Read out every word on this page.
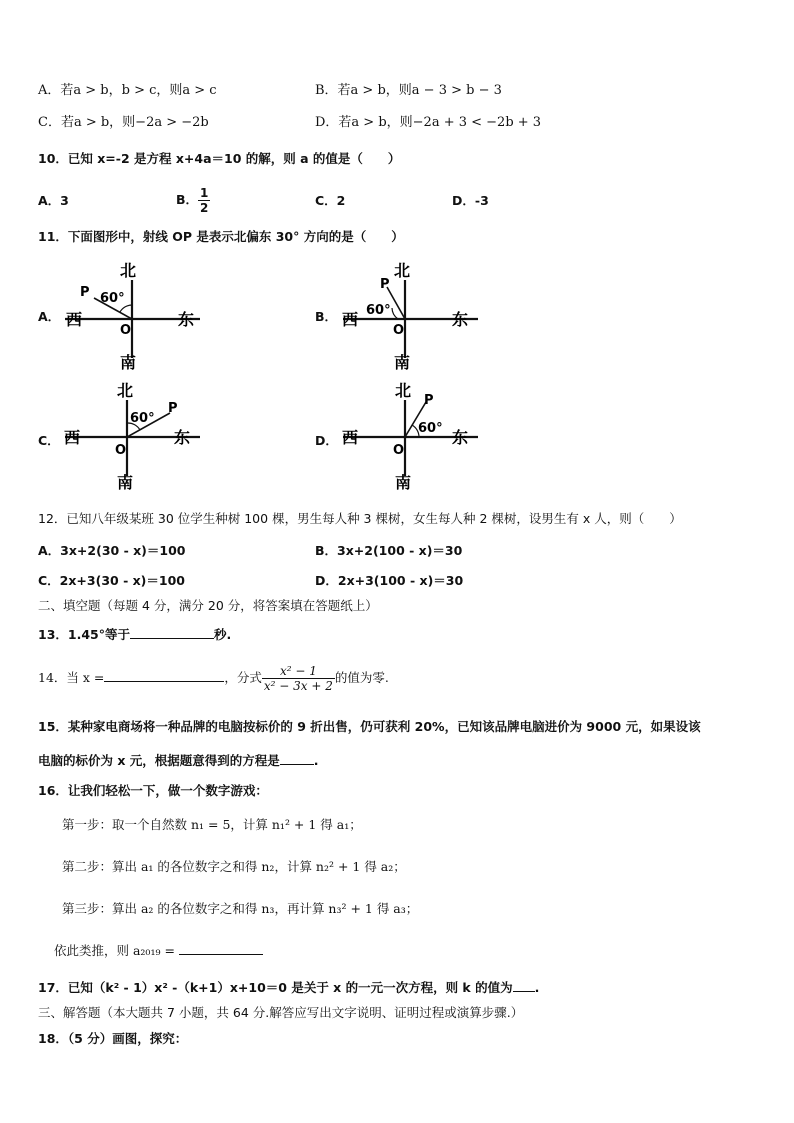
A．若a > b，b > c，则a > c	B．若a > b，则a − 3 > b − 3
C．若a > b，则−2a > −2b	D．若a > b，则−2a + 3 < −2b + 3
10．已知 x=-2 是方程 x+4a＝10 的解，则 a 的值是（　　）
A．3	B． $\frac{1}{2}$	C．2	D．-3
11．下面图形中，射线 OP 是表示北偏东 30° 方向的是（　　）
A．
北
南
东
西
O
P 60°
B．
北
南
东
西
O
P
60°
C．
北
南
东
西
O
P
60°
D．
北
南
东
西
O
P
60°
12．已知八年级某班 30 位学生种树 100 棵，男生每人种 3 棵树，女生每人种 2 棵树，设男生有 x 人，则（　　）
A．3x+2(30 - x)＝100	B．3x+2(100 - x)＝30
C．2x+3(30 - x)＝100	D．2x+3(100 - x)＝30
二、填空题（每题 4 分，满分 20 分，将答案填在答题纸上）
13．1.45°等于	秒.
14．当 x =	，分式 $\frac{\text{x² − 1}}{\text{x² − 3x + 2}}$ 的值为零.
15．某种家电商场将一种品牌的电脑按标价的 9 折出售，仍可获利 20%，已知该品牌电脑进价为 9000 元，如果设该
电脑的标价为 x 元，根据题意得到的方程是	.
16．让我们轻松一下，做一个数字游戏：
第一步：取一个自然数 n₁ = 5，计算 n₁² + 1 得 a₁；
第二步：算出 a₁ 的各位数字之和得 n₂，计算 n₂² + 1 得 a₂；
第三步：算出 a₂ 的各位数字之和得 n₃，再计算 n₃² + 1 得 a₃；
依此类推，则 a₂₀₁₉ =
17．已知（k² - 1）x² -（k+1）x+10＝0 是关于 x 的一元一次方程，则 k 的值为 .
三、解答题（本大题共 7 小题，共 64 分.解答应写出文字说明、证明过程或演算步骤.）
18．（5 分）画图，探究：
